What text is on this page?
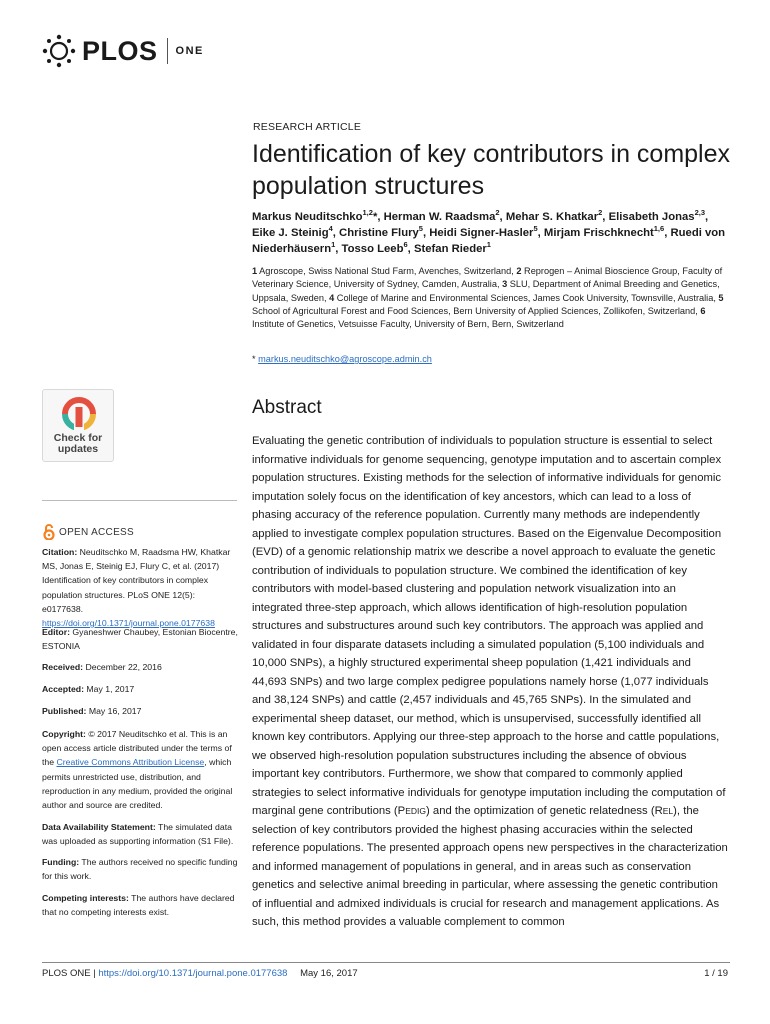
PLOS ONE
RESEARCH ARTICLE
Identification of key contributors in complex population structures
Markus Neuditschko$^{1,2}$*, Herman W. Raadsma$^2$, Mehar S. Khatkar$^2$, Elisabeth Jonas$^{2,3}$, Eike J. Steinig$^4$, Christine Flury$^5$, Heidi Signer-Hasler$^5$, Mirjam Frischknecht$^{1,6}$, Ruedi von Niederhäusern$^1$, Tosso Leeb$^6$, Stefan Rieder$^1$
1 Agroscope, Swiss National Stud Farm, Avenches, Switzerland, 2 Reprogen – Animal Bioscience Group, Faculty of Veterinary Science, University of Sydney, Camden, Australia, 3 SLU, Department of Animal Breeding and Genetics, Uppsala, Sweden, 4 College of Marine and Environmental Sciences, James Cook University, Townsville, Australia, 5 School of Agricultural Forest and Food Sciences, Bern University of Applied Sciences, Zollikofen, Switzerland, 6 Institute of Genetics, Vetsuisse Faculty, University of Bern, Bern, Switzerland
* markus.neuditschko@agroscope.admin.ch
Check for updates
OPEN ACCESS
Citation: Neuditschko M, Raadsma HW, Khatkar MS, Jonas E, Steinig EJ, Flury C, et al. (2017) Identification of key contributors in complex population structures. PLoS ONE 12(5): e0177638. https://doi.org/10.1371/journal.pone.0177638
Editor: Gyaneshwer Chaubey, Estonian Biocentre, ESTONIA
Received: December 22, 2016
Accepted: May 1, 2017
Published: May 16, 2017
Copyright: © 2017 Neuditschko et al. This is an open access article distributed under the terms of the Creative Commons Attribution License, which permits unrestricted use, distribution, and reproduction in any medium, provided the original author and source are credited.
Data Availability Statement: The simulated data was uploaded as supporting information (S1 File).
Funding: The authors received no specific funding for this work.
Competing interests: The authors have declared that no competing interests exist.
Abstract
Evaluating the genetic contribution of individuals to population structure is essential to select informative individuals for genome sequencing, genotype imputation and to ascertain complex population structures. Existing methods for the selection of informative individuals for genomic imputation solely focus on the identification of key ancestors, which can lead to a loss of phasing accuracy of the reference population. Currently many methods are independently applied to investigate complex population structures. Based on the Eigenvalue Decomposition (EVD) of a genomic relationship matrix we describe a novel approach to evaluate the genetic contribution of individuals to population structure. We combined the identification of key contributors with model-based clustering and population network visualization into an integrated three-step approach, which allows identification of high-resolution population structures and substructures around such key contributors. The approach was applied and validated in four disparate datasets including a simulated population (5,100 individuals and 10,000 SNPs), a highly structured experimental sheep population (1,421 individuals and 44,693 SNPs) and two large complex pedigree populations namely horse (1,077 individuals and 38,124 SNPs) and cattle (2,457 individuals and 45,765 SNPs). In the simulated and experimental sheep dataset, our method, which is unsupervised, successfully identified all known key contributors. Applying our three-step approach to the horse and cattle populations, we observed high-resolution population substructures including the absence of obvious important key contributors. Furthermore, we show that compared to commonly applied strategies to select informative individuals for genotype imputation including the computation of marginal gene contributions (PEDIG) and the optimization of genetic relatedness (REL), the selection of key contributors provided the highest phasing accuracies within the selected reference populations. The presented approach opens new perspectives in the characterization and informed management of populations in general, and in areas such as conservation genetics and selective animal breeding in particular, where assessing the genetic contribution of influential and admixed individuals is crucial for research and management applications. As such, this method provides a valuable complement to common
PLOS ONE | https://doi.org/10.1371/journal.pone.0177638 May 16, 2017	1 / 19
